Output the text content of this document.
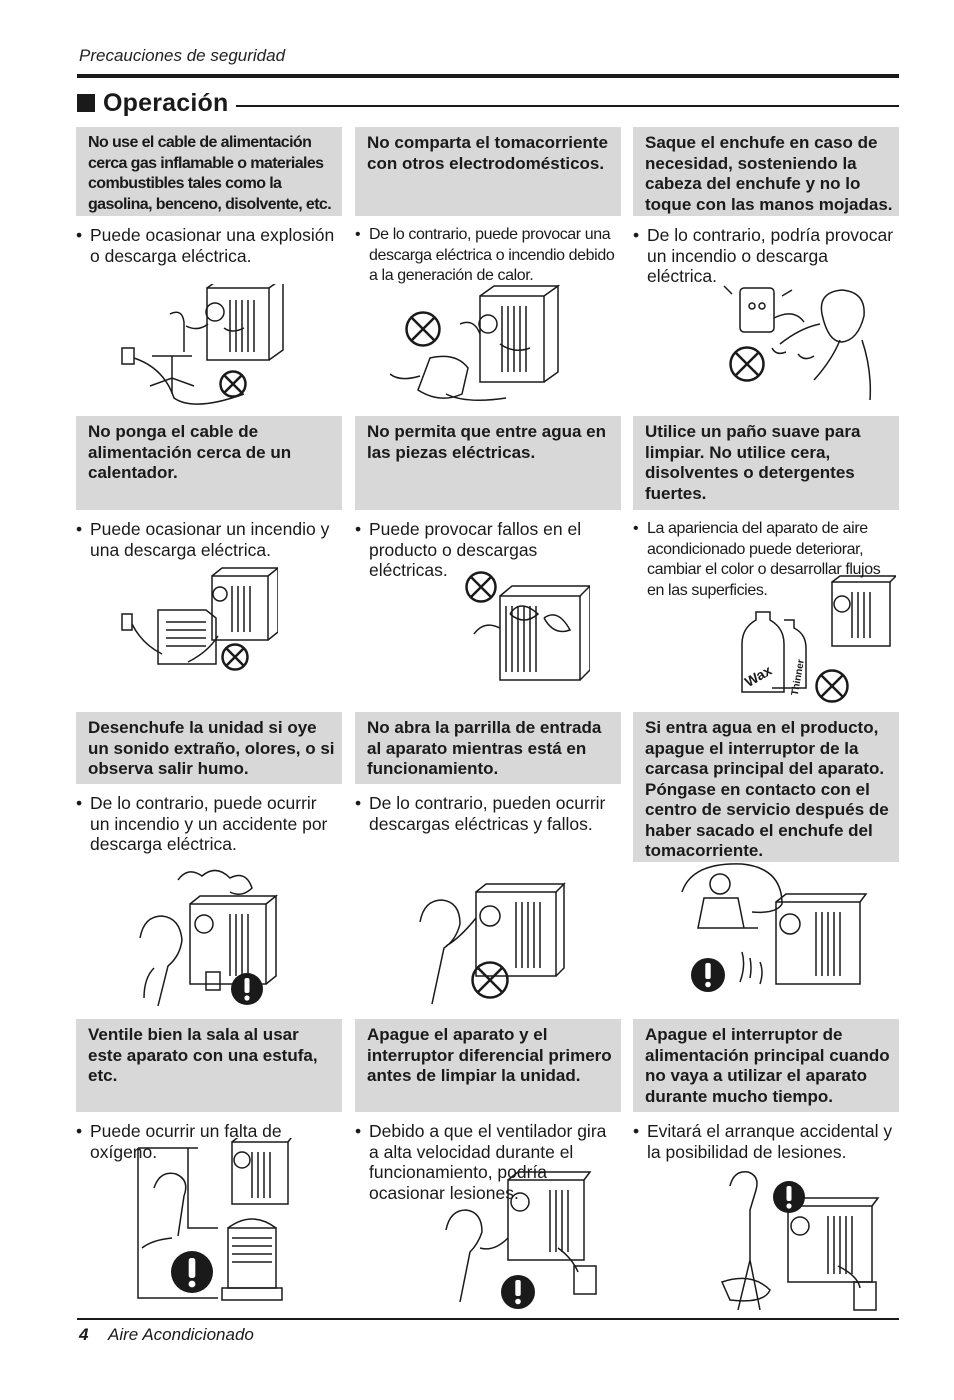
Precauciones de seguridad
Operación
No use el cable de alimentación cerca gas inflamable o materiales combustibles tales como la gasolina, benceno, disolvente, etc.
• Puede ocasionar una explosión o descarga eléctrica.
No comparta el tomacorriente con otros electrodomésticos.
• De lo contrario, puede provocar una descarga eléctrica o incendio debido a la generación de calor.
Saque el enchufe en caso de necesidad, sosteniendo la cabeza del enchufe y no lo toque con las manos mojadas.
• De lo contrario, podría provocar un incendio o descarga eléctrica.
No ponga el cable de alimentación cerca de un calentador.
• Puede ocasionar un incendio y una descarga eléctrica.
No permita que entre agua en las piezas eléctricas.
• Puede provocar fallos en el producto o descargas eléctricas.
Utilice un paño suave para limpiar. No utilice cera, disolventes o detergentes fuertes.
• La apariencia del aparato de aire acondicionado puede deteriorar, cambiar el color o desarrollar flujos en las superficies.
Desenchufe la unidad si oye un sonido extraño, olores, o si observa salir humo.
• De lo contrario, puede ocurrir un incendio y un accidente por descarga eléctrica.
No abra la parrilla de entrada al aparato mientras está en funcionamiento.
• De lo contrario, pueden ocurrir descargas eléctricas y fallos.
Si entra agua en el producto, apague el interruptor de la carcasa principal del aparato. Póngase en contacto con el centro de servicio después de haber sacado el enchufe del tomacorriente.
Ventile bien la sala al usar este aparato con una estufa, etc.
• Puede ocurrir un falta de oxígeno.
Apague el aparato y el interruptor diferencial primero antes de limpiar la unidad.
• Debido a que el ventilador gira a alta velocidad durante el funcionamiento, podría ocasionar lesiones.
Apague el interruptor de alimentación principal cuando no vaya a utilizar el aparato durante mucho tiempo.
• Evitará el arranque accidental y la posibilidad de lesiones.
Wax Thinner
4 Aire Acondicionado
